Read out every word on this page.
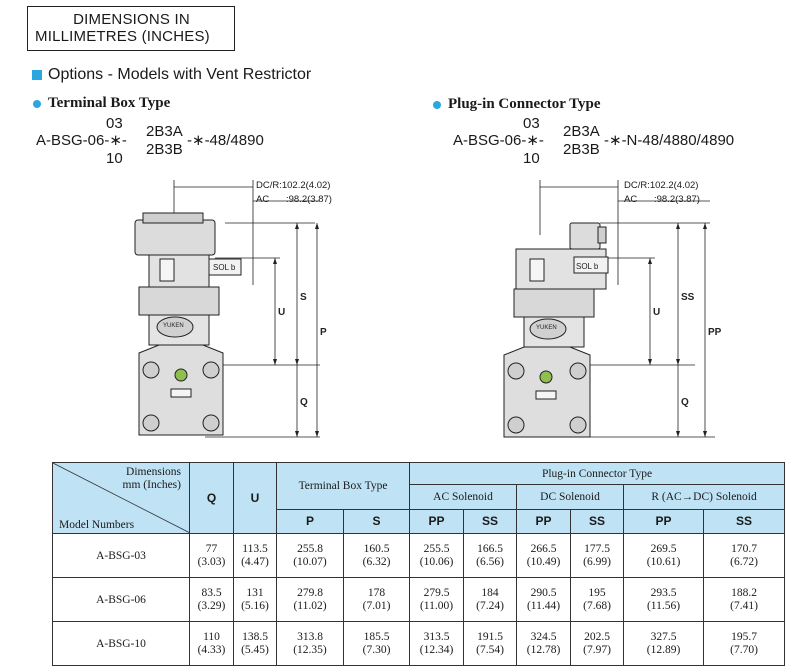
DIMENSIONS IN
MILLIMETRES (INCHES)
Options - Models with Vent Restrictor
Terminal Box Type
03
A-BSG-06-∗-
10
2B3A
2B3B
-∗-48/4890
Plug-in Connector Type
03
A-BSG-06-∗-
10
2B3A
2B3B
-∗-N-48/4880/4890
SOL b
YUKEN
U
S
P
Q
DC/R:102.2(4.02)
AC :98.2(3.87)
SOL b
YUKEN
U
SS
PP
Q
DC/R:102.2(4.02)
AC :98.2(3.87)
Dimensions
mm (Inches)
Model Numbers	Q	U	Terminal Box Type		Plug-in Connector Type					
					AC Solenoid		DC Solenoid		R (AC→DC) Solenoid	
			P	S	PP	SS	PP	SS	PP	SS
A-BSG-03	77
(3.03)	113.5
(4.47)	255.8
(10.07)	160.5
(6.32)	255.5
(10.06)	166.5
(6.56)	266.5
(10.49)	177.5
(6.99)	269.5
(10.61)	170.7
(6.72)

A-BSG-06	83.5
(3.29)	131
(5.16)	279.8
(11.02)	178
(7.01)	279.5
(11.00)	184
(7.24)	290.5
(11.44)	195
(7.68)	293.5
(11.56)	188.2
(7.41)

A-BSG-10	110
(4.33)	138.5
(5.45)	313.8
(12.35)	185.5
(7.30)	313.5
(12.34)	191.5
(7.54)	324.5
(12.78)	202.5
(7.97)	327.5
(12.89)	195.7
(7.70)
